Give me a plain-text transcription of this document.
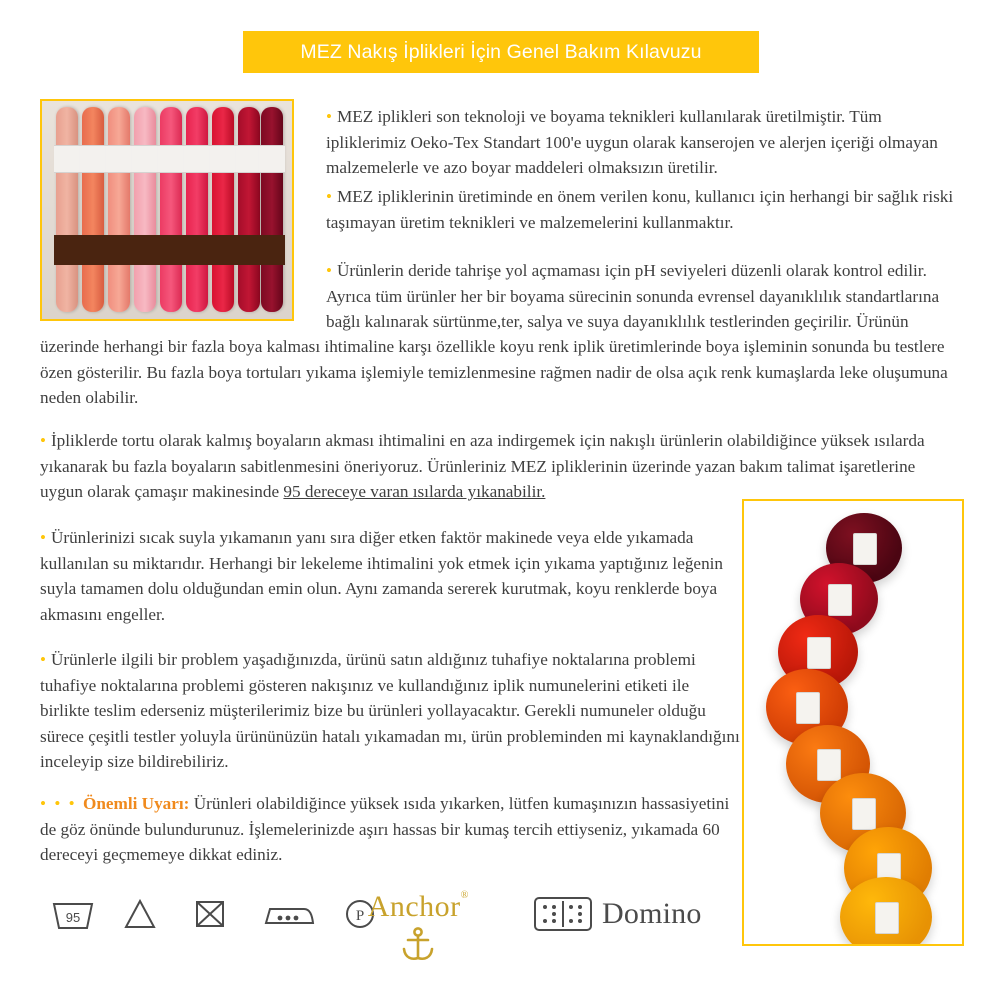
MEZ Nakış İplikleri İçin Genel Bakım Kılavuzu

• MEZ iplikleri son teknoloji ve boyama teknikleri kullanılarak üretilmiştir. Tüm ipliklerimiz Oeko-Tex Standart 100'e uygun olarak kanserojen ve alerjen içeriği olmayan malzemelerle ve azo boyar maddeleri olmaksızın üretilir.

• MEZ ipliklerinin üretiminde en önem verilen konu, kullanıcı için herhangi bir sağlık riski taşımayan üretim teknikleri ve malzemelerini kullanmaktır.

• Ürünlerin deride tahrişe yol açmaması için pH seviyeleri düzenli olarak kontrol edilir. Ayrıca tüm ürünler her bir boyama sürecinin sonunda evrensel dayanıklılık standartlarına bağlı kalınarak sürtünme,ter, salya ve suya dayanıklılık testlerinden geçirilir. Ürünün

üzerinde herhangi bir fazla boya kalması ihtimaline karşı özellikle koyu renk iplik üretimlerinde boya işleminin sonunda bu testlere özen gösterilir. Bu fazla boya tortuları yıkama işlemiyle temizlenmesine rağmen nadir de olsa açık renk kumaşlarda leke oluşumuna neden olabilir.

• İpliklerde tortu olarak kalmış boyaların akması ihtimalini en aza indirgemek için nakışlı ürünlerin olabildiğince yüksek ısılarda yıkanarak bu fazla boyaların sabitlenmesini öneriyoruz. Ürünleriniz MEZ ipliklerinin üzerinde yazan bakım talimat işaretlerine uygun olarak çamaşır makinesinde 95 dereceye varan ısılarda yıkanabilir.

• Ürünlerinizi sıcak suyla yıkamanın yanı sıra diğer etken faktör makinede veya elde yıkamada kullanılan su miktarıdır. Herhangi bir lekeleme ihtimalini yok etmek için yıkama yaptığınız leğenin suyla tamamen dolu olduğundan emin olun. Aynı zamanda sererek kurutmak, koyu renklerde boya akmasını engeller.

• Ürünlerle ilgili bir problem yaşadığınızda, ürünü satın aldığınız tuhafiye noktalarına problemi tuhafiye noktalarına problemi gösteren nakışınız ve kullandığınız iplik numunelerini etiketi ile birlikte teslim ederseniz müşterilerimiz bize bu ürünleri yollayacaktır. Gerekli numuneler olduğu sürece çeşitli testler yoluyla ürününüzün hatalı yıkamadan mı, ürün probleminden mi kaynaklandığını inceleyip size bildirebiliriz.

• • • Önemli Uyarı: Ürünleri olabildiğince yüksek ısıda yıkarken, lütfen kumaşınızın hassasiyetini de göz önünde bulundurunuz. İşlemelerinizde aşırı hassas bir kumaş tercih ettiyseniz, yıkamada 60 dereceyi geçmemeye dikkat ediniz.

95	P Anchor ®
Domino
